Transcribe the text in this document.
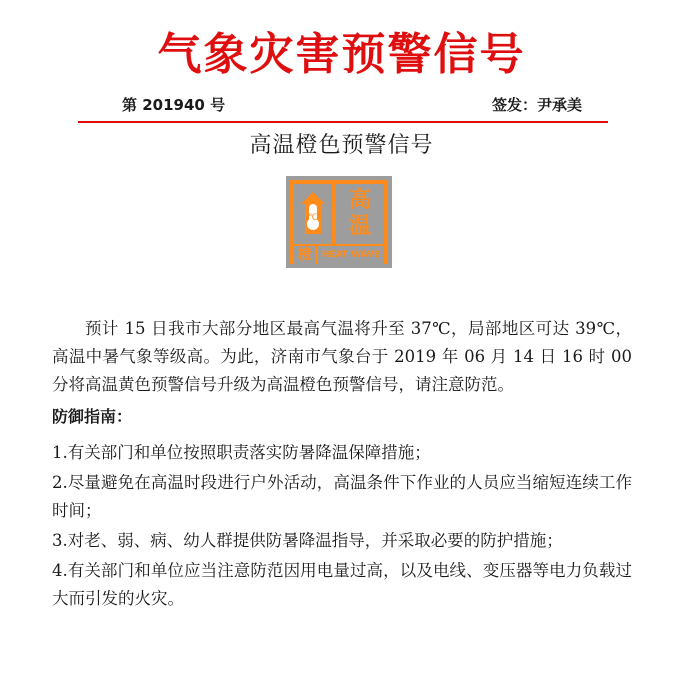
气象灾害预警信号
第 201940 号	签发：尹承美
高温橙色预警信号
℃
高
温
橙	HEAT WAVE

预计 15 日我市大部分地区最高气温将升至 37℃，局部地区可达 39℃，高温中暑气象等级高。为此，济南市气象台于 2019 年 06 月 14 日 16 时 00 分将高温黄色预警信号升级为高温橙色预警信号，请注意防范。

防御指南：
1.有关部门和单位按照职责落实防暑降温保障措施；
2.尽量避免在高温时段进行户外活动，高温条件下作业的人员应当缩短连续工作时间；
3.对老、弱、病、幼人群提供防暑降温指导，并采取必要的防护措施；
4.有关部门和单位应当注意防范因用电量过高，以及电线、变压器等电力负载过大而引发的火灾。
